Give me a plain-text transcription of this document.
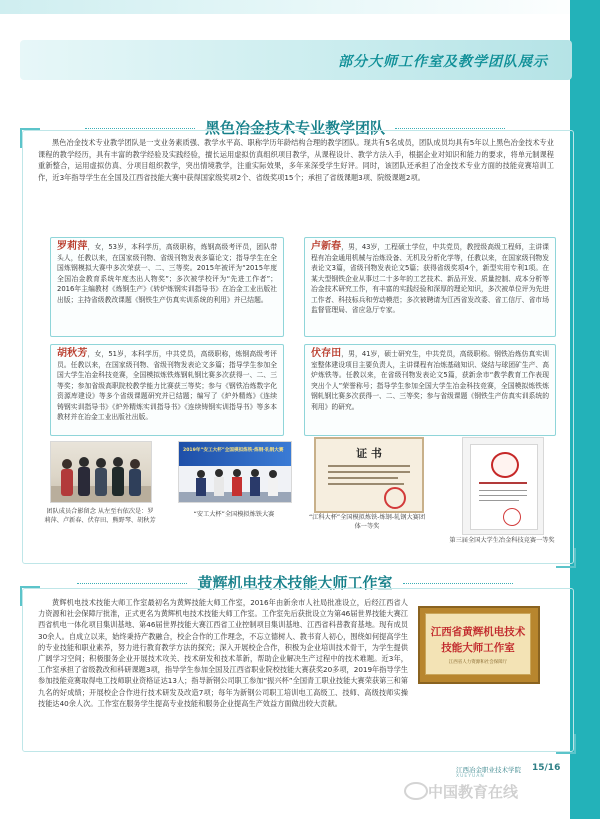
部分大师工作室及教学团队展示
黑色冶金技术专业教学团队
黑色冶金技术专业教学团队是一支业务素质强、教学水平高、职称学历年龄结构合理的教学团队。现共有5名成员，团队成员均具有5年以上黑色冶金技术专业课程的教学经历，具有丰富的教学经验及实践经验，擅长运用虚拟仿真组织项目教学，从课程设计、教学方法入手，根据企业对知识和能力的要求，将单元制课程重新整合，运用虚拟仿真、分项目组织教学，突出情境教学，注重实际效果，多年来深受学生好评。同时，该团队还承担了冶金技术专业方面的技能竞赛培训工作，近3年指导学生在全国及江西省技能大赛中获得国家级奖项2个、省级奖项15个；承担了省级课题3项、院级课题2项。
罗莉萍，女，53岁，本科学历，高级职称，炼钢高级考评员，团队带头人，任教以来，在国家级刊物、省级刊物发表多篇论文；指导学生在全国炼钢模拟大赛中多次荣获一、二、三等奖。2015年被评为“2015年度全国冶金教育系统年度杰出人物奖”；多次被学校评为“先进工作者”；2016年主编教材《炼钢生产》《转炉炼钢实训指导书》在冶金工业出版社出版；主持省级教改课题《钢铁生产仿真实训系统的利用》并已结题。
卢新春，男，43岁，工程硕士学位，中共党员，教授级高级工程师，主讲课程有冶金通用机械与治炼设备、无机及分析化学等，任教以来，在国家级刊物发表论文3篇，省级刊物发表论文5篇；获得省级奖项4个，新型实用专利1项。在某大型钢铁企业从事过二十多年的工艺技术、新品开发、质量控制、成本分析等冶金技术研究工作，有丰富的实践经验和深厚的理论知识，多次被单位评为先进工作者、科技标兵和劳动模范；多次被聘请为江西省发改委、省工信厅、省市场监督管理局、省应急厅专家。
胡秋芳，女，51岁，本科学历，中共党员，高级职称，炼钢高级考评员。任教以来，在国家级刊物、省级刊物发表论文多篇；指导学生参加全国大学生冶金科技竞赛，全国模拟炼铁炼钢轧钢比赛多次获得一、二、三等奖；参加省级高职院校教学能力比赛获三等奖；参与《钢铁冶炼数字化资源库建设》等多个省级课题研究并已结题；编写了《炉外精炼》《连续铸钢实训指导书》《炉外精炼实训指导书》《连续铸钢实训指导书》等多本教材并在冶金工业出版社出版。
伏存田，男，41岁，硕士研究生，中共党员，高级职称。钢铁冶炼仿真实训室整体建设项目主要负责人，主讲课程有冶炼基础知识、烧结与球团矿生产、高炉炼铁等。任教以来，在省级刊物发表论文5篇，获新余市“教学教育工作表现突出个人”荣誉称号；指导学生参加全国大学生冶金科技竞赛，全国模拟炼铁炼钢轧钢比赛多次获得一、二、三等奖；参与省级课题《钢铁生产仿真实训系统的利用》的研究。
2019年“安工大杯”全国模拟炼铁·炼钢·轧钢大赛	证 书
团队成员合影留念 从左至右依次是：罗莉萍、卢新春、伏存田、熊野琴、胡秋芳
“安工大杯”全国模拟炼铁大赛	“江科大杯”全国模拟炼铁-炼钢-轧钢大赛团体一等奖
第三届全国大学生冶金科技竞赛一等奖
黄辉机电技术技能大师工作室
黄辉机电技术技能大师工作室最初名为黄辉技能大师工作室，2016年由新余市人社局批准设立，后经江西省人力资源和社会保障厅批准，正式更名为黄辉机电技术技能大师工作室。工作室先后获批设立为第46届世界技能大赛江西省机电一体化项目集训基地、第46届世界技能大赛江西省工业控制项目集训基地、江西省科普教育基地。现有成员30余人。自成立以来，始终秉持产教融合，校企合作的工作理念，不忘立德树人、教书育人初心，围绕如何提高学生的专业技能和职业素养，努力进行教育教学方法的探究；深入开展校企合作，积极为企业培训技术骨干，为学生提供广阔学习空间；积极服务企业开展技术攻关、技术研发和技术革新，帮助企业解决生产过程中的技术难题。近3年，工作室承担了省级教改和科研课题3项，指导学生参加全国及江西省职业院校技能大赛获奖20多项，2019年指导学生参加技能竞赛取得电工技师职业资格证达13人；指导新钢公司职工参加“振兴杯”全国青工职业技能大赛荣获第三和第九名的好成绩；开展校企合作进行技术研发及改造7项；每年为新钢公司职工培训电工高级工、技师、高级技师实操技能达40余人次。工作室在服务学生提高专业技能和服务企业提高生产效益方面做出较大贡献。
江西省黄辉机电技术
技能大师工作室
江西省人力资源和社会保障厅
江西冶金职业技术学院
XUEYUAN
15/16
中国教育在线
